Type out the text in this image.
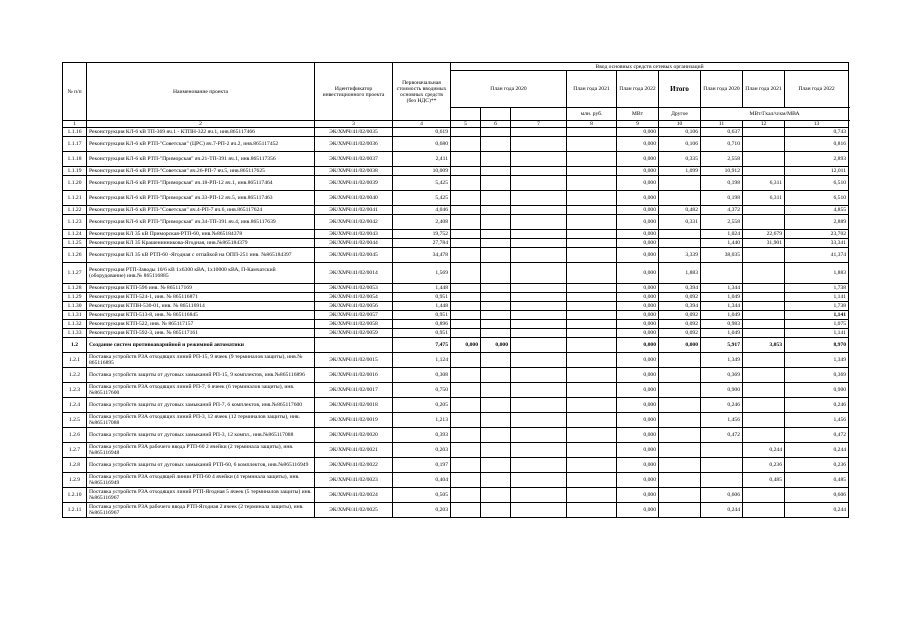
№ п/п	Наименование проекта	Идентификатор инвестиционного проекта	Первоначальная стоимость вводимых основных средств (без НДС)**	Ввод основных средств сетевых организаций									
				План года 2020			План года 2021	План года 2022	Итого	План года 2020	План года 2021	План года 2022	
							млн. руб.	МВт	Другое	МВт/Гкал/ч/км/МВА	
1	2	3	4	5	6	7	8	9	10	11	12	13	
1.1.16	Реконструкция КЛ-6 кВ ТП-369 яч.1 - КТПН-322 яч.1, инв.865117466	ЭК/ХМЧ/41/02/0035	0,619					0,000	0,106	0,637		0,743	
1.1.17	Реконструкция КЛ-6 кВ РТП-"Советская" (ЦРС) яч.7-РП-2 яч.2, инв.865117452	ЭК/ХМЧ/41/02/0036	0,680					0,000	0,106	0,710		0,816	
1.1.18	Реконструкция КЛ-6 кВ РТП-"Приморская" яч.21-ТП-391 яч.1, инв.865117356	ЭК/ХМЧ/41/02/0037	2,411					0,000	0,335	2,558		2,893	
1.1.19	Реконструкция КЛ-6 кВ РТП-"Советская" яч.26-РП-7 яч.5, инв.865117625	ЭК/ХМЧ/41/02/0038	10,009					0,000	1,099	10,912		12,011	
1.1.20	Реконструкция КЛ-6 кВ РТП-"Приморская" яч.18-РП-12 яч.1, инв.865117464	ЭК/ХМЧ/41/02/0039	5,425					0,000		0,198	6,311	6,510	
1.1.21	Реконструкция КЛ-6 кВ РТП-"Приморская" яч.33-РП-12 яч.5, инв.865117463	ЭК/ХМЧ/41/02/0040	5,425					0,000		0,198	6,311	6,510	
1.1.22	Реконструкция КЛ-6 кВ РТП-"Советская" яч.4-РП-7 яч.6, инв.865117624	ЭК/ХМЧ/41/02/0041	4,046					0,000	0,482	4,372		4,855	
1.1.23	Реконструкция КЛ-6 кВ РТП-"Приморская" яч.34-ТП-391 яч.4, инв.865117639	ЭК/ХМЧ/41/02/0042	2,408					0,000	0,331	2,558		2,889	
1.1.24	Реконструкция КЛ 35 кВ Приморская-РТП-60, инв.№865184378	ЭК/ХМЧ/41/02/0043	19,752					0,000		1,024	22,679	23,702	
1.1.25	Реконструкция КЛ 35 Крашенинникова-Ягодная, инв.№865184379	ЭК/ХМЧ/41/02/0044	27,784					0,000		1,440	31,901	33,341	
1.1.26	Реконструкция КЛ 35 кВ РТП-60 -Ягодная с отпайкой на ОПП-251 инв. №865184397	ЭК/ХМЧ/41/02/0045	34,478					0,000	3,339	38,035		41,374	
1.1.27	Реконструкция РТП-Заводы 10/6 кВ 1х6300 кВА, 1х10000 кВА, П-Камчатский (оборудование) инв.№ 865116885	ЭК/ХМЧ/41/02/0014	1,569					0,000	1,883			1,883	
1.1.28	Реконструкция КТП-596 инв. № 865117169	ЭК/ХМЧ/41/02/0053	1,448					0,000	0,394	1,344		1,738	
1.1.29	Реконструкция КТП-524-1, инв. № 865116871	ЭК/ХМЧ/41/02/0054	0,951					0,000	0,092	1,049		1,141	
1.1.30	Реконструкция КТПН-530-01, инв. № 865116914	ЭК/ХМЧ/41/02/0056	1,448					0,000	0,394	1,344		1,738	
1.1.31	Реконструкция КТП-513-8, инв. № 865116845	ЭК/ХМЧ/41/02/0057	0,951					0,000	0,092	1,049		1,141	
1.1.32	Реконструкция КТП-522, инв. № 865117157	ЭК/ХМЧ/41/02/0058	0,896					0,000	0,092	0,983		1,075	
1.1.33	Реконструкция КТП-592-3, инв. № 865117161	ЭК/ХМЧ/41/02/0059	0,951					0,000	0,092	1,049		1,141	
1.2	Создание систем противоаварийной и режимной автоматики		7,475	0,000	0,000			0,000	0,000	5,917	3,053	8,970	
1.2.1	Поставка устройств РЗА отходящих линий РП-15, 9 ячеек (9 терминалов защиты), инв.№ 865116895	ЭК/ХМЧ/41/02/0015	1,124					0,000		1,349		1,349	
1.2.2	Поставка устройств защиты от дуговых замыканий РП-15, 9 комплектов, инв.№865116896	ЭК/ХМЧ/41/02/0016	0,308					0,000		0,369		0,369	
1.2.3	Поставка устройств РЗА отходящих линий РП-7, 6 ячеек (6 терминалов защиты), инв.№865117600	ЭК/ХМЧ/41/02/0017	0,750					0,000		0,900		0,900	
1.2.4	Поставка устройств защиты от дуговых замыканий РП-7, 6 комплектов, инв.№865117600	ЭК/ХМЧ/41/02/0018	0,205					0,000		0,246		0,246	
1.2.5	Поставка устройств РЗА отходящих линий РП-3, 12 ячеек (12 терминалов защиты), инв.№865117088	ЭК/ХМЧ/41/02/0019	1,213					0,000		1,456		1,456	
1.2.6	Поставка устройств защиты от дуговых замыканий РП-3, 12 компл., инв.№865117088	ЭК/ХМЧ/41/02/0020	0,393					0,000		0,472		0,472	
1.2.7	Поставка устройств РЗА рабочего ввода РТП-60 2 ячейки (2 терминала защиты), инв.№865116948	ЭК/ХМЧ/41/02/0021	0,203					0,000			0,244	0,244	
1.2.8	Поставка устройств защиты от дуговых замыканий РТП-60, 6 комплектов, инв.№865116949	ЭК/ХМЧ/41/02/0022	0,197					0,000			0,236	0,236	
1.2.9	Поставка устройств РЗА отходящей линии РТП-60 4 ячейки (4 терминала защиты), инв.№865116949	ЭК/ХМЧ/41/02/0023	0,404					0,000			0,485	0,485	
1.2.10	Поставка устройств РЗА отходящих линий РТП-Ягодная 5 ячеек (5 терминалов защиты) инв.№865116967	ЭК/ХМЧ/41/02/0024	0,505					0,000		0,606		0,606	
1.2.11	Поставка устройств РЗА рабочего ввода РТП-Ягодная 2 ячеек (2 терминала защиты), инв.№865116967	ЭК/ХМЧ/41/02/0025	0,203					0,000		0,244		0,244	
